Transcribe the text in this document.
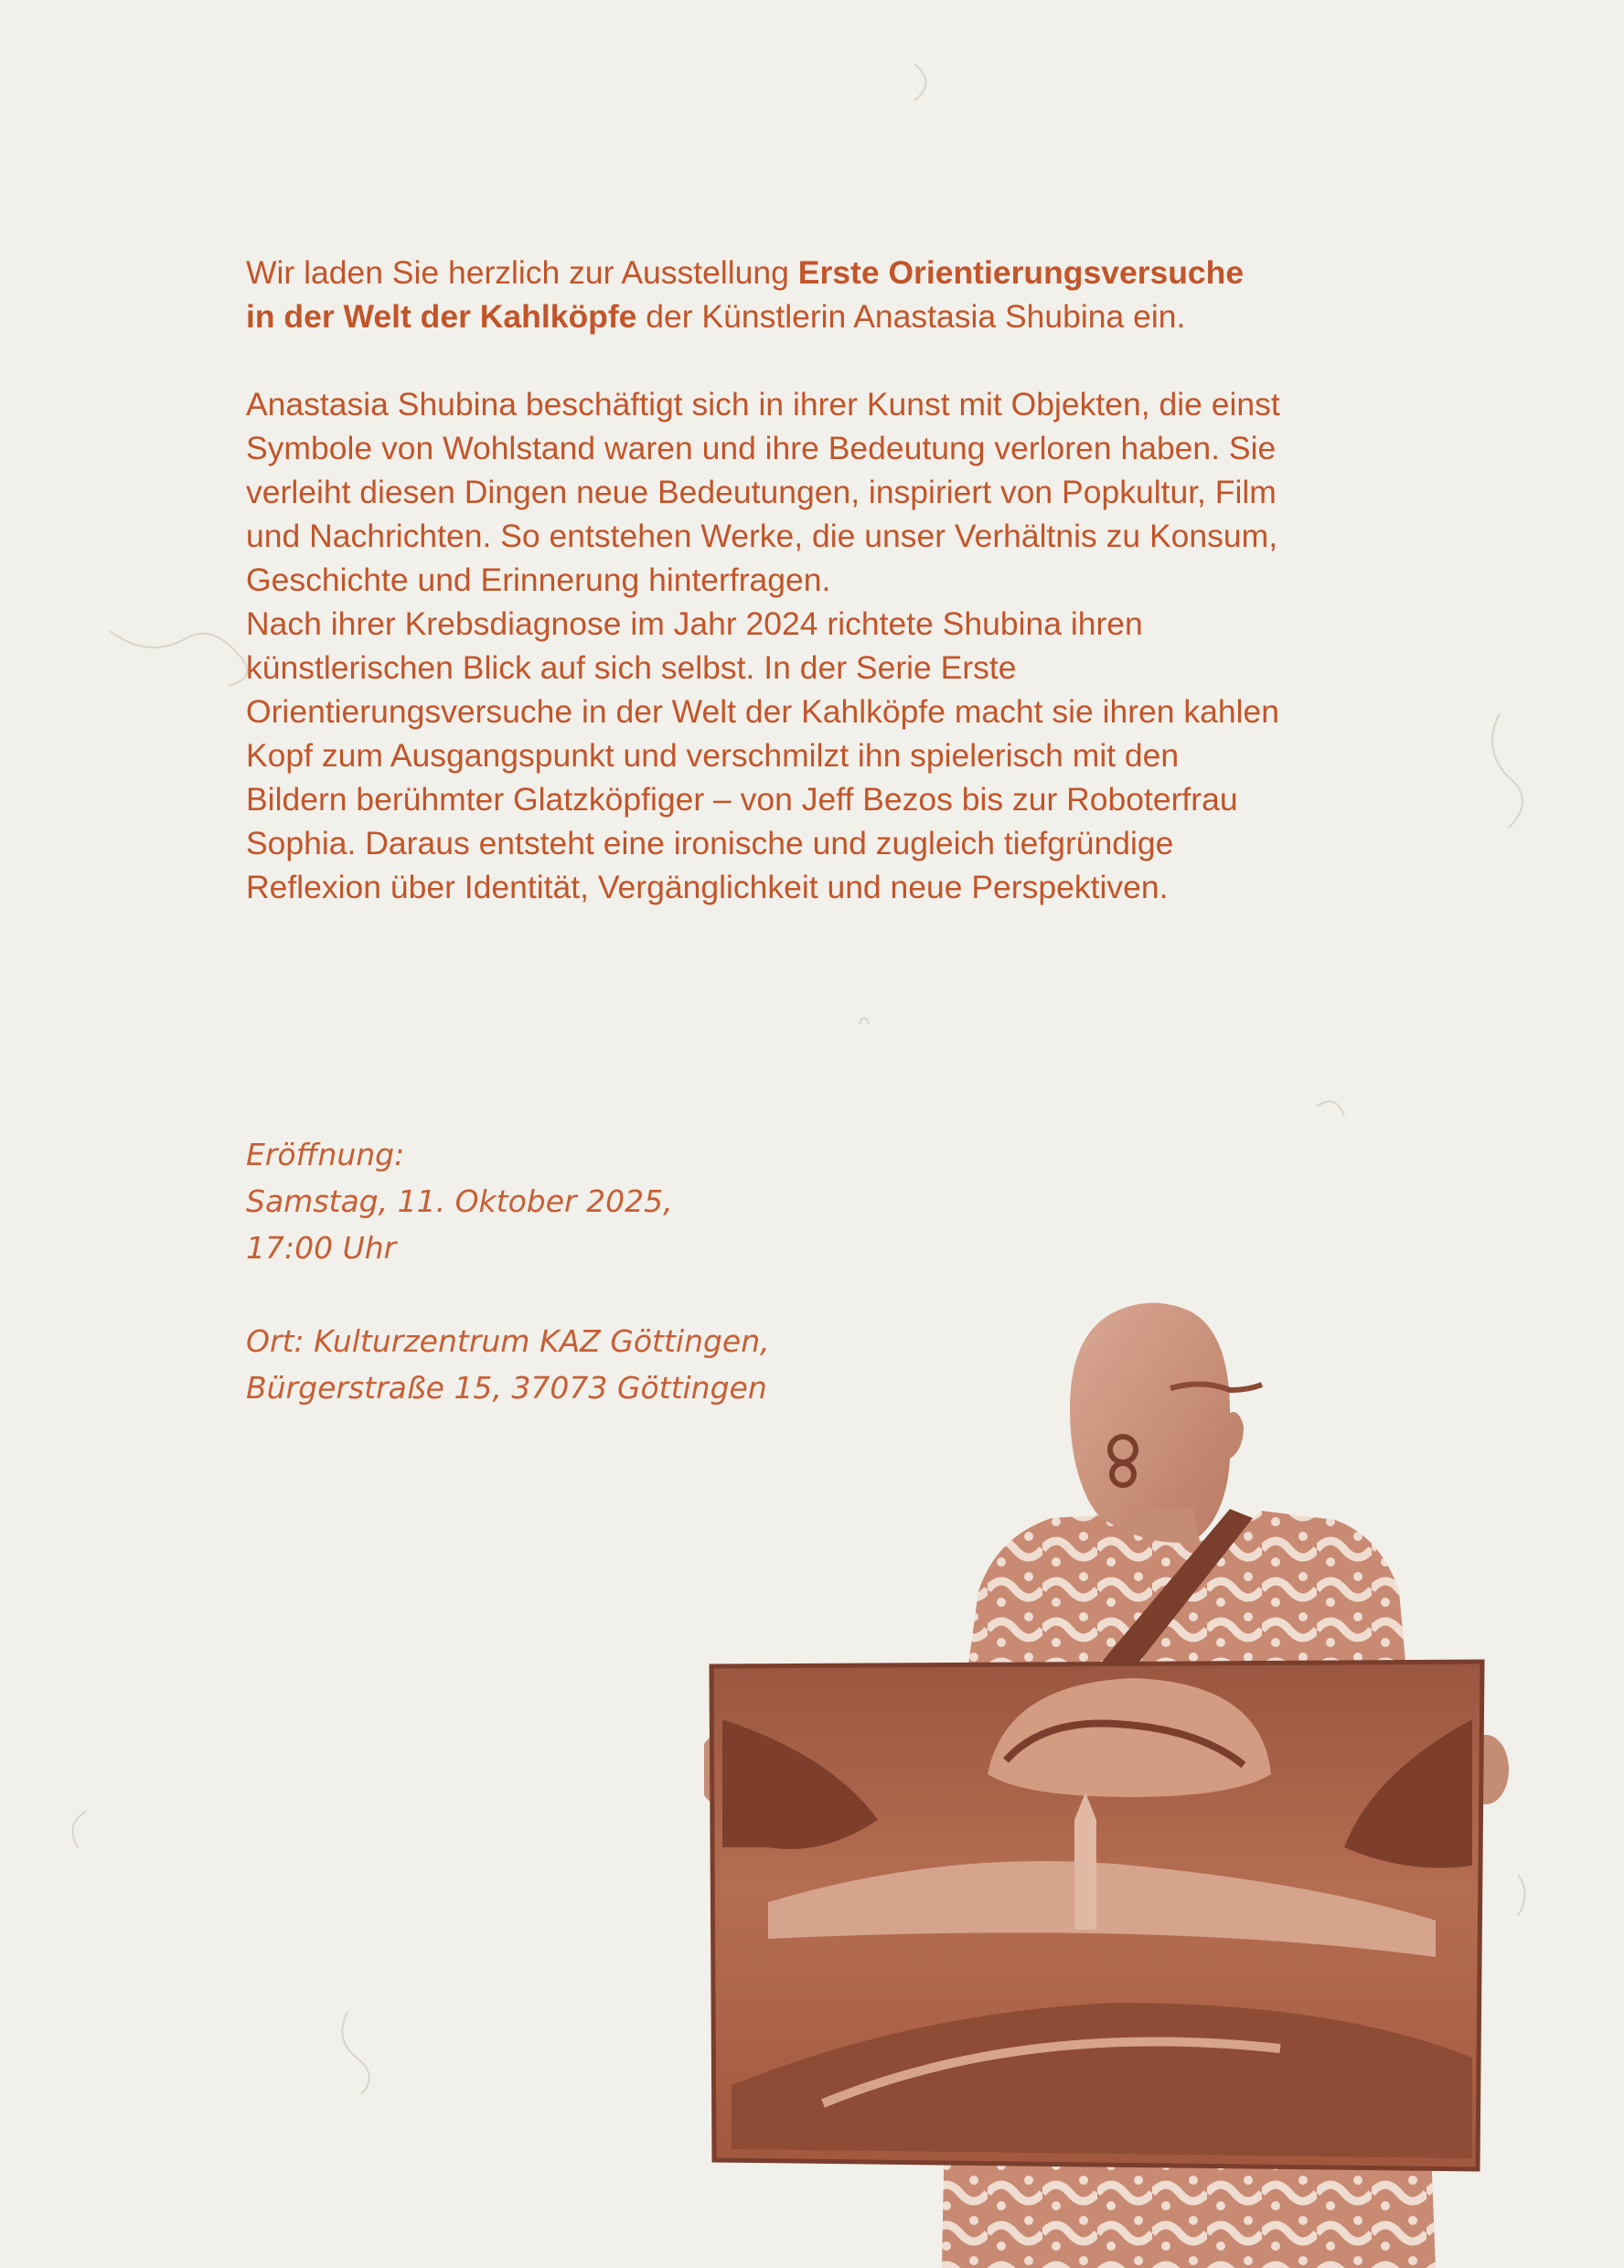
Wir laden Sie herzlich zur Ausstellung Erste Orientierungsversuche
in der Welt der Kahlköpfe der Künstlerin Anastasia Shubina ein.

Anastasia Shubina beschäftigt sich in ihrer Kunst mit Objekten, die einst
Symbole von Wohlstand waren und ihre Bedeutung verloren haben. Sie
verleiht diesen Dingen neue Bedeutungen, inspiriert von Popkultur, Film
und Nachrichten. So entstehen Werke, die unser Verhältnis zu Konsum,
Geschichte und Erinnerung hinterfragen.

Nach ihrer Krebsdiagnose im Jahr 2024 richtete Shubina ihren
künstlerischen Blick auf sich selbst. In der Serie Erste
Orientierungsversuche in der Welt der Kahlköpfe macht sie ihren kahlen
Kopf zum Ausgangspunkt und verschmilzt ihn spielerisch mit den
Bildern berühmter Glatzköpfiger – von Jeff Bezos bis zur Roboterfrau
Sophia. Daraus entsteht eine ironische und zugleich tiefgründige
Reflexion über Identität, Vergänglichkeit und neue Perspektiven.

Eröffnung:
Samstag, 11. Oktober 2025,
17:00 Uhr
Ort: Kulturzentrum KAZ Göttingen,
Bürgerstraße 15, 37073 Göttingen
